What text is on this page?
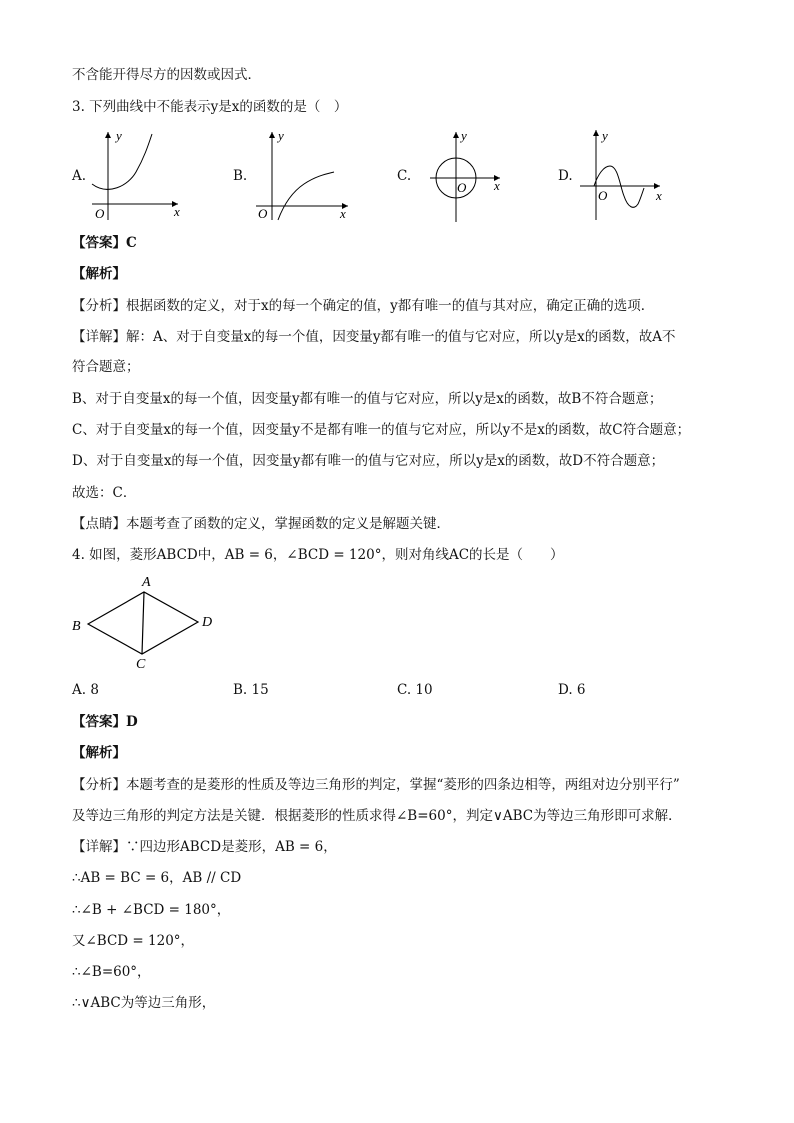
不含能开得尽方的因数或因式．
3. 下列曲线中不能表示y是x的函数的是（　）
A.	B.	C.	D.
y
x
O
y
x
O
y
x
O
y
x
O
【答案】C
【解析】
【分析】根据函数的定义，对于x的每一个确定的值，y都有唯一的值与其对应，确定正确的选项．
【详解】解：A、对于自变量x的每一个值，因变量y都有唯一的值与它对应，所以y是x的函数，故A不
符合题意；
B、对于自变量x的每一个值，因变量y都有唯一的值与它对应，所以y是x的函数，故B不符合题意；
C、对于自变量x的每一个值，因变量y不是都有唯一的值与它对应，所以y不是x的函数，故C符合题意；
D、对于自变量x的每一个值，因变量y都有唯一的值与它对应，所以y是x的函数，故D不符合题意；
故选：C．
【点睛】本题考查了函数的定义，掌握函数的定义是解题关键．
4. 如图，菱形ABCD中，AB = 6，∠BCD = 120°，则对角线AC的长是（　　）
A
B
C
D
A. 8	B. 15	C. 10	D. 6
【答案】D
【解析】
【分析】本题考查的是菱形的性质及等边三角形的判定，掌握“菱形的四条边相等，两组对边分别平行”
及等边三角形的判定方法是关键．根据菱形的性质求得∠B=60°，判定∨ABC为等边三角形即可求解．
【详解】∵四边形ABCD是菱形，AB = 6，
∴AB = BC = 6，AB // CD
∴∠B + ∠BCD = 180°，
又∠BCD = 120°，
∴∠B=60°，
∴∨ABC为等边三角形，
